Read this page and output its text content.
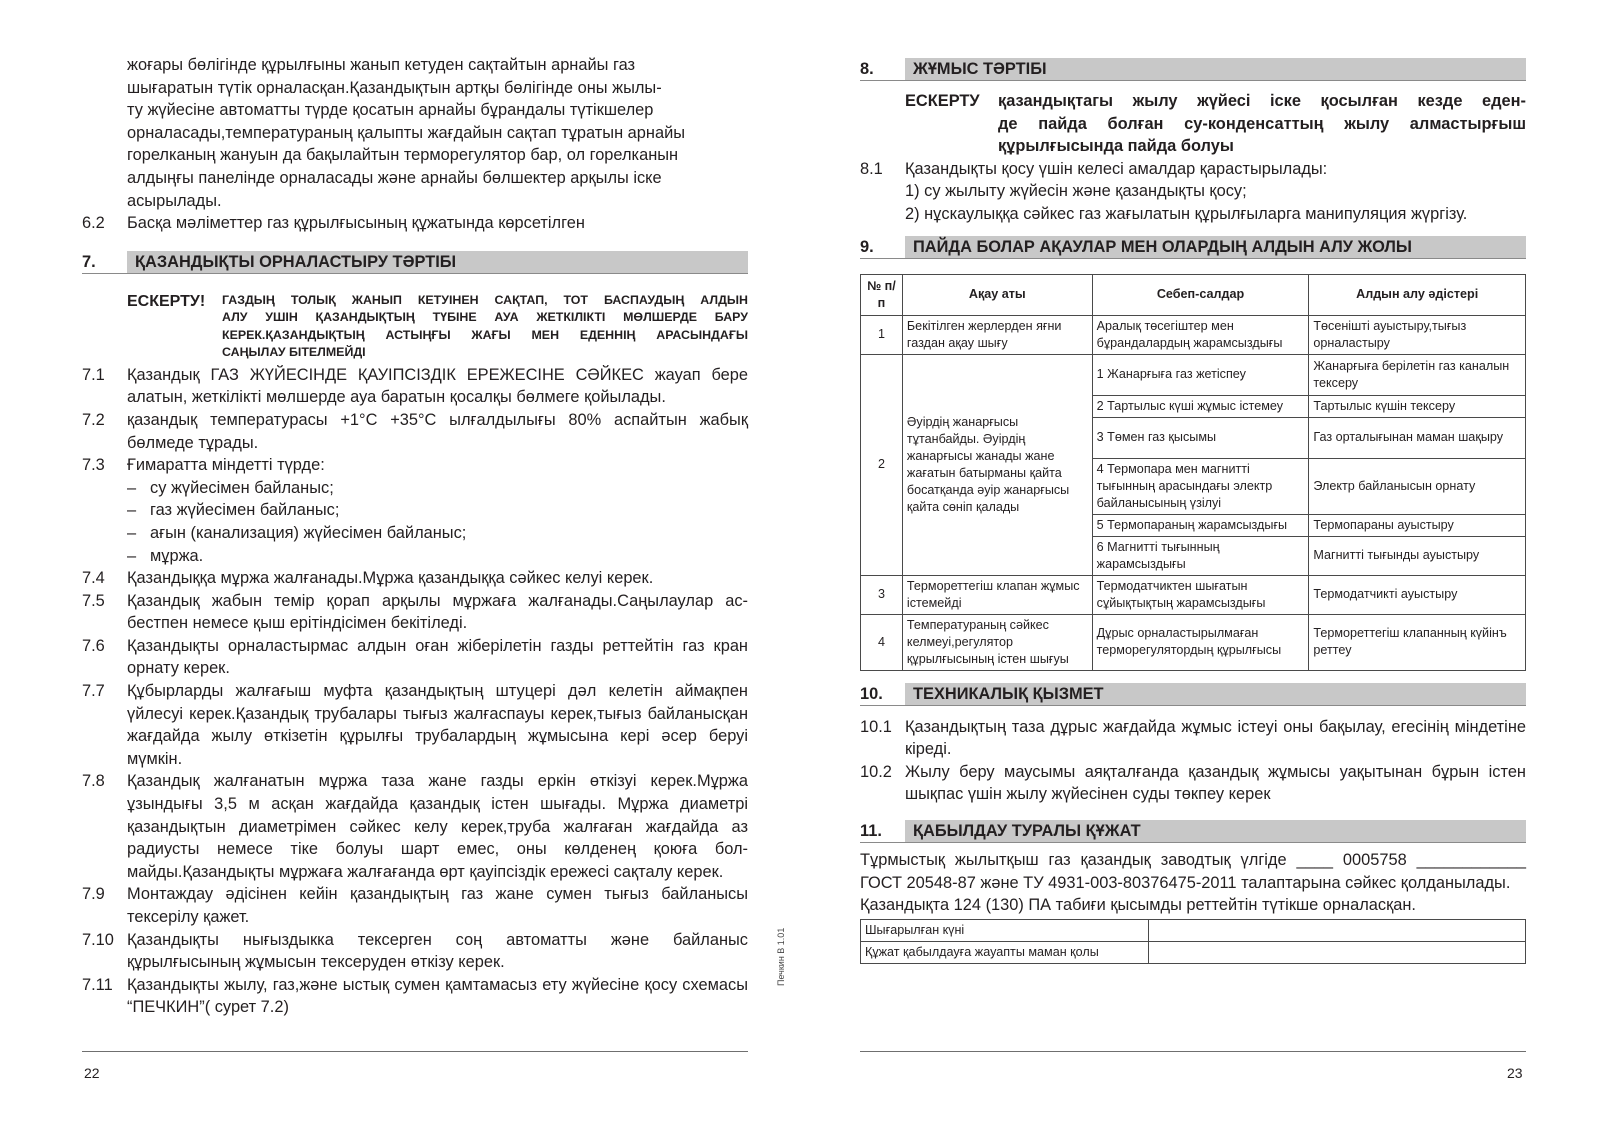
жоғары бөлігінде құрылғыны жанып кетуден сақтайтын арнайы газ

шығаратын түтік орналасқан.Қазандықтын артқы бөлігінде оны жылы-

ту жүйесіне автоматты түрде қосатын арнайы бұрандалы түтікшелер

орналасады,температураның қалыпты жағдайын сақтап тұратын арнайы

горелканың жануын да бақылайтын терморегулятор бар, ол горелканын

алдыңғы панелінде орналасады және арнайы бөлшектер арқылы іске

асырылады.

6.2	Басқа мәліметтер газ құрылғысының құжатында көрсетілген
7.	ҚАЗАНДЫҚТЫ ОРНАЛАСТЫРУ ТӘРТІБІ
ЕСКЕРТУ!	ГАЗДЫҢ ТОЛЫҚ ЖАНЫП КЕТУІНЕН САҚТАП, ТОТ БАСПАУДЫҢ АЛДЫН
АЛУ УШІН ҚАЗАНДЫҚТЫҢ ТҮБІНЕ АУА ЖЕТКІЛІКТІ МӨЛШЕРДЕ БАРУ
КЕРЕК.ҚАЗАНДЫҚТЫҢ АСТЫҢҒЫ ЖАҒЫ МЕН ЕДЕННІҢ АРАСЫНДАҒЫ
САҢЫЛАУ БІТЕЛМЕЙДІ
7.1	Қазандық ГАЗ ЖҮЙЕСІНДЕ ҚАУІПСІЗДІК ЕРЕЖЕСІНЕ СӘЙКЕС жауап бере алатын, жеткілікті мөлшерде ауа баратын қосалқы бөлмеге қойылады.
7.2	қазандық температурасы +1°С +35°С ылғалдылығы 80% аспайтын жабық бөлмеде тұрады.
7.3	Ғимаратта міндетті түрде:
– су жүйесімен байланыс;
– газ жүйесімен байланыс;
– ағын (канализация) жүйесімен байланыс;
– мұржа.
7.4	Қазандыққа мұржа жалғанады.Мұржа қазандыққа сәйкес келуі керек.
7.5	Қазандық жабын темір қорап арқылы мұржаға жалғанады.Саңылаулар ас-бестпен немесе қыш ерітіндісімен бекітіледі.
7.6	Қазандықты орналастырмас алдын оған жіберілетін газды реттейтін газ кран орнату керек.
7.7	Құбырларды жалғағыш муфта қазандықтың штуцері дәл келетін аймақпен үйлесуі керек.Қазандық трубалары тығыз жалғаспауы керек,тығыз байланысқан жағдайда жылу өткізетін құрылғы трубалардың жұмысына кері әсер беруі мүмкін.
7.8	Қазандық жалғанатын мұржа таза жане газды еркін өткізуі керек.Мұржа ұзындығы 3,5 м асқан жағдайда қазандық істен шығады. Мұржа диаметрі қазандықтын диаметрімен сәйкес келу керек,труба жалғаған жағдайда аз радиусты немесе тіке болуы шарт емес, оны көлденең қоюға бол-майды.Қазандықты мұржаға жалғағанда өрт қауіпсіздік ережесі сақталу керек.
7.9	Монтаждау әдісінен кейін қазандықтың газ жане сумен тығыз байланысы тексерілу қажет.
7.10 Қазандықты нығыздыкка тексерген соң автоматты және байланыс құрылғысының жұмысын тексеруден өткізу керек.
7.11 Қазандықты жылу, газ,және ыстық сумен қамтамасыз ету жүйесіне қосу схемасы “ПЕЧКИН”( сурет 7.2)
Печкин В 1.01
22
8.	ЖҰМЫС ТӘРТІБІ
ЕСКЕРТУ	қазандықтагы жылу жүйесі іске қосылған кезде еден-
де пайда болған су-конденсаттың жылу алмастырғыш
құрылғысында пайда болуы
8.1	Қазандықты қосу үшін келесі амалдар қарастырылады:
1) су жылыту жүйесін және қазандықты қосу;
2) нұскаулыққа сәйкес газ жағылатын құрылғыларга манипуляция жүргізу.
9.	ПАЙДА БОЛАР АҚАУЛАР МЕН ОЛАРДЫҢ АЛДЫН АЛУ ЖОЛЫ
№ п/п	Ақау аты	Себеп-салдар	Алдын алу әдістері
1	Бекітілген жерлерден яғни газдан ақау шығу	Аралық төсегіштер мен бұрандалардың жарамсыздығы	Төсенішті ауыстыру,тығыз орналастыру
2	Әуірдің жанарғысы тұтанбайды. Әуірдің жанарғысы жанады жане жағатын батырманы қайта босатқанда әуір жанарғысы қайта сөніп қалады	1 Жанарғыға газ жетіспеу	Жанарғыға берілетін газ каналын тексеру
		2 Тартылыс күші жұмыс істемеу	Тартылыс күшін тексеру
		3 Төмен газ қысымы	Газ орталығынан маман шақыру
		4 Термопара мен магнитті тығынның арасындағы электр байланысының үзілуі	Электр байланысын орнату
		5 Термопараның жарамсыздығы	Термопараны ауыстыру
		6 Магнитті тығынның жарамсыздығы	Магнитті тығынды ауыстыру
3	Термореттегіш клапан жұмыс істемейді	Термодатчиктен шығатын сұйықтықтың жарамсыздығы	Термодатчикті ауыстыру
4	Температураның сәйкес келмеуі,регулятор құрылғысының істен шығуы	Дұрыс орналастырылмаған терморегулятордың құрылғысы	Термореттегіш клапанның күйінъ реттеу
10.	ТЕХНИКАЛЫҚ ҚЫЗМЕТ
10.1 Қазандықтың таза дұрыс жағдайда жұмыс істеуі оны бақылау, егесінің міндетіне кіреді.
10.2 Жылу беру маусымы аяқталғанда қазандық жұмысы уақытынан бұрын істен шықпас үшін жылу жүйесінен суды төкпеу керек
11.	ҚАБЫЛДАУ ТУРАЛЫ ҚҰЖАТ

Тұрмыстық жылытқыш газ қазандық заводтық үлгіде ____ 0005758 ____________ ГОСТ 20548-87 және ТУ 4931-003-80376475-2011 талаптарына сәйкес қолданылады.

Қазандықта 124 (130) ПА табиғи қысымды реттейтін түтікше орналасқан.

Шығарылған күні	
Құжат қабылдауға жауапты маман қолы	
23
